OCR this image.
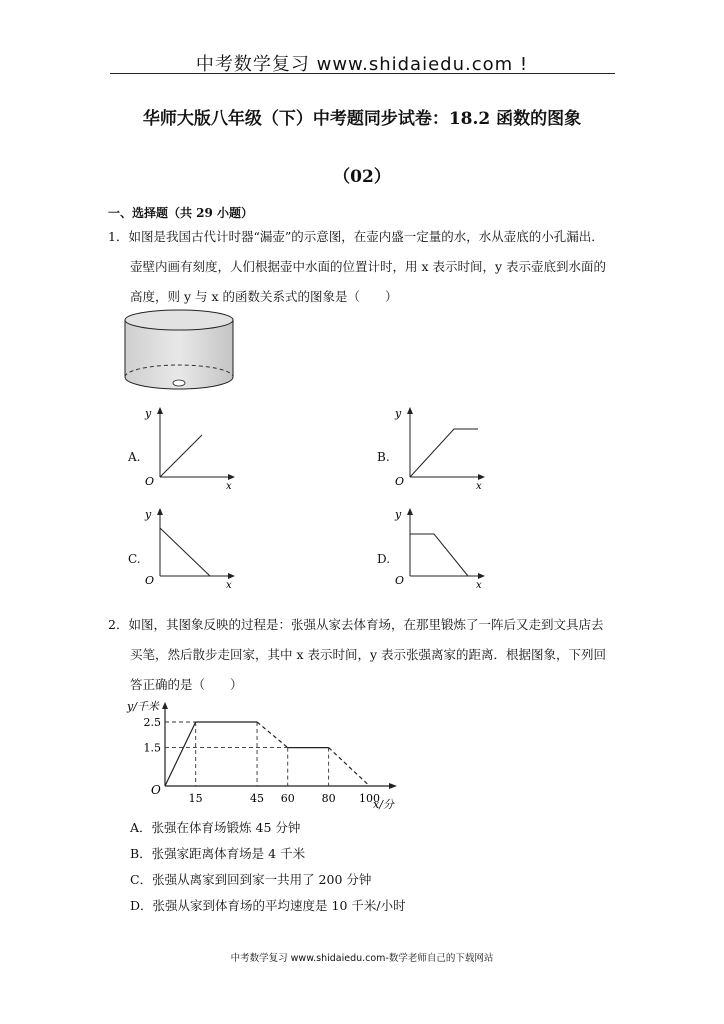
中考数学复习 www.shidaiedu.com !
华师大版八年级（下）中考题同步试卷：18.2 函数的图象
（02）
一、选择题（共 29 小题）

1．如图是我国古代计时器“漏壶”的示意图，在壶内盛一定量的水，水从壶底的小孔漏出．

壶壁内画有刻度，人们根据壶中水面的位置计时，用 x 表示时间，y 表示壶底到水面的

高度，则 y 与 x 的函数关系式的图象是（　　）

A.
y
O	x
B.
y
O	x
C.
y
O	x
D.
y
O	x

2．如图，其图象反映的过程是：张强从家去体育场，在那里锻炼了一阵后又走到文具店去

买笔，然后散步走回家，其中 x 表示时间，y 表示张强离家的距离．根据图象，下列回

答正确的是（　　）

y/千米
x/分
O
15	45 60 80 100
2.5
1.5

A．张强在体育场锻炼 45 分钟

B．张强家距离体育场是 4 千米

C．张强从离家到回到家一共用了 200 分钟

D．张强从家到体育场的平均速度是 10 千米/小时

中考数学复习 www.shidaiedu.com-数学老师自己的下载网站
